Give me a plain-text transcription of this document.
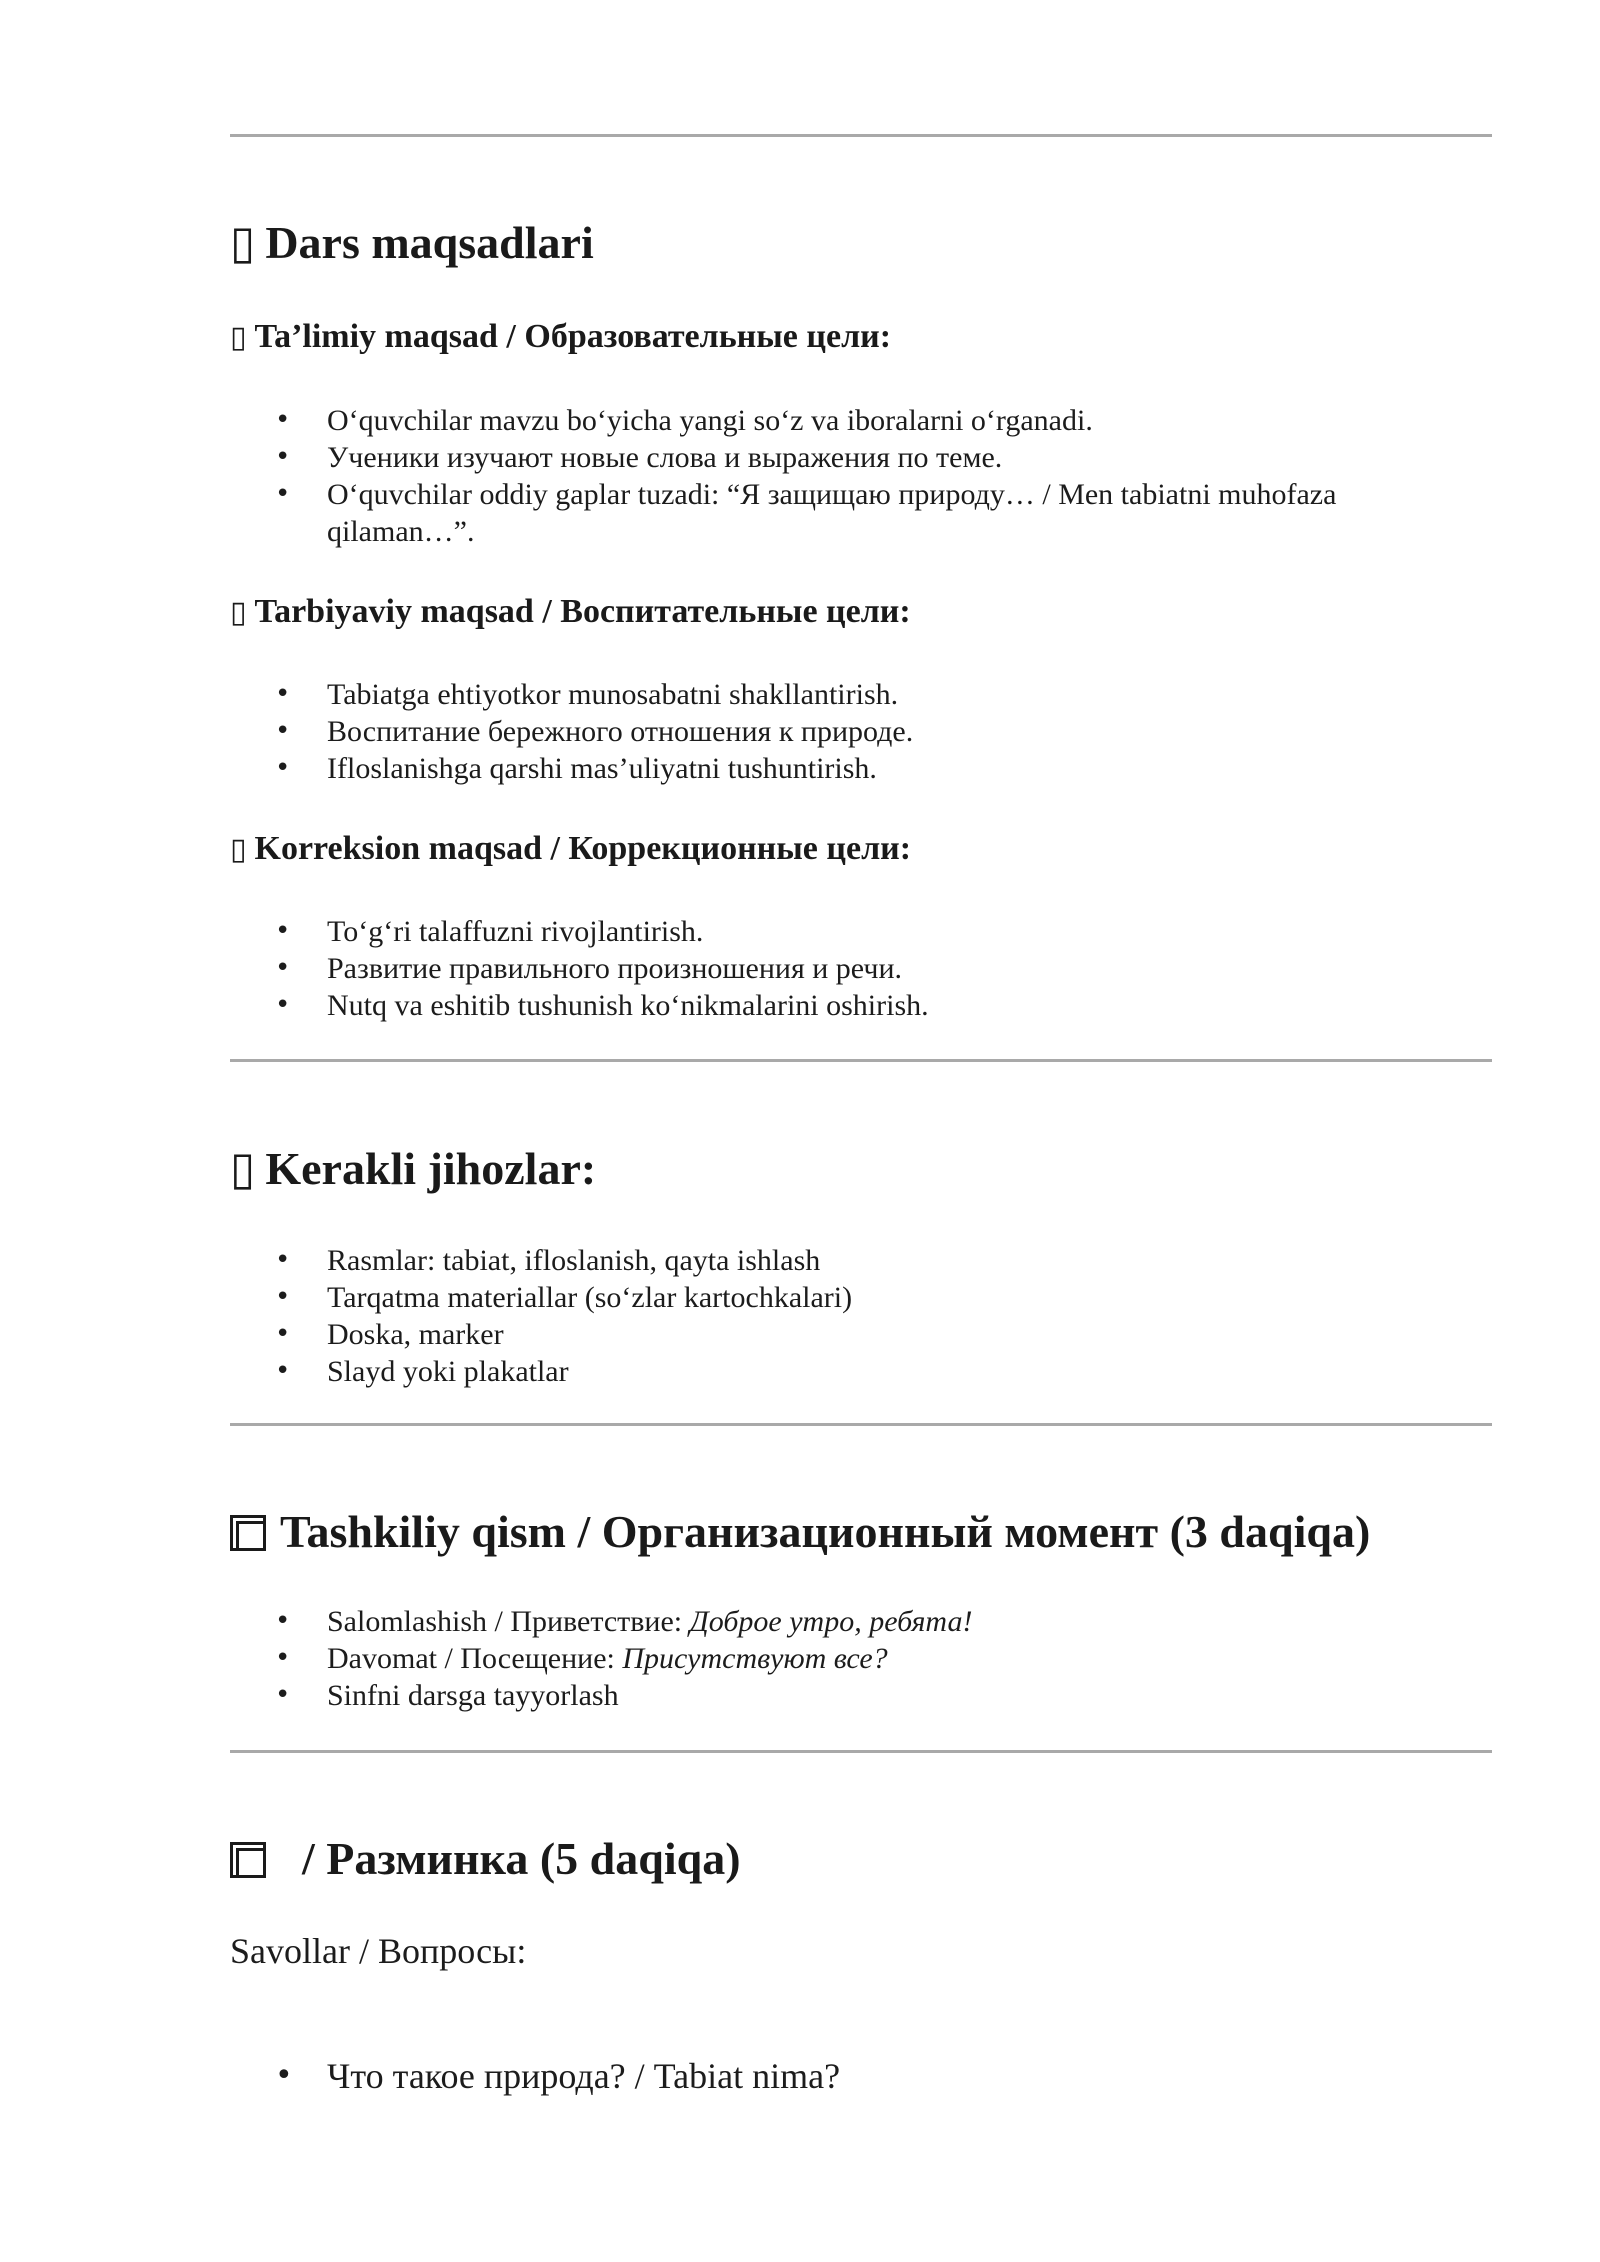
▯ Dars maqsadlari
▯ Ta’limiy maqsad / Образовательные цели:
• O‘quvchilar mavzu bo‘yicha yangi so‘z va iboralarni o‘rganadi.
• Ученики изучают новые слова и выражения по теме.
• O‘quvchilar oddiy gaplar tuzadi: “Я защищаю природу… / Men tabiatni muhofaza qilaman…”.
▯ Tarbiyaviy maqsad / Воспитательные цели:
• Tabiatga ehtiyotkor munosabatni shakllantirish.
• Воспитание бережного отношения к природе.
• Ifloslanishga qarshi mas’uliyatni tushuntirish.
▯ Korreksion maqsad / Коррекционные цели:
• To‘g‘ri talaffuzni rivojlantirish.
• Развитие правильного произношения и речи.
• Nutq va eshitib tushunish ko‘nikmalarini oshirish.
▯ Kerakli jihozlar:
• Rasmlar: tabiat, ifloslanish, qayta ishlash
• Tarqatma materiallar (so‘zlar kartochkalari)
• Doska, marker
• Slayd yoki plakatlar
Tashkiliy qism / Организационный момент (3 daqiqa)
• Salomlashish / Приветствие: Доброе утро, ребята!
• Davomat / Посещение: Присутствуют все?
• Sinfni darsga tayyorlash
/ Разминка (5 daqiqa)

Savollar / Вопросы:

• Что такое природа? / Tabiat nima?
